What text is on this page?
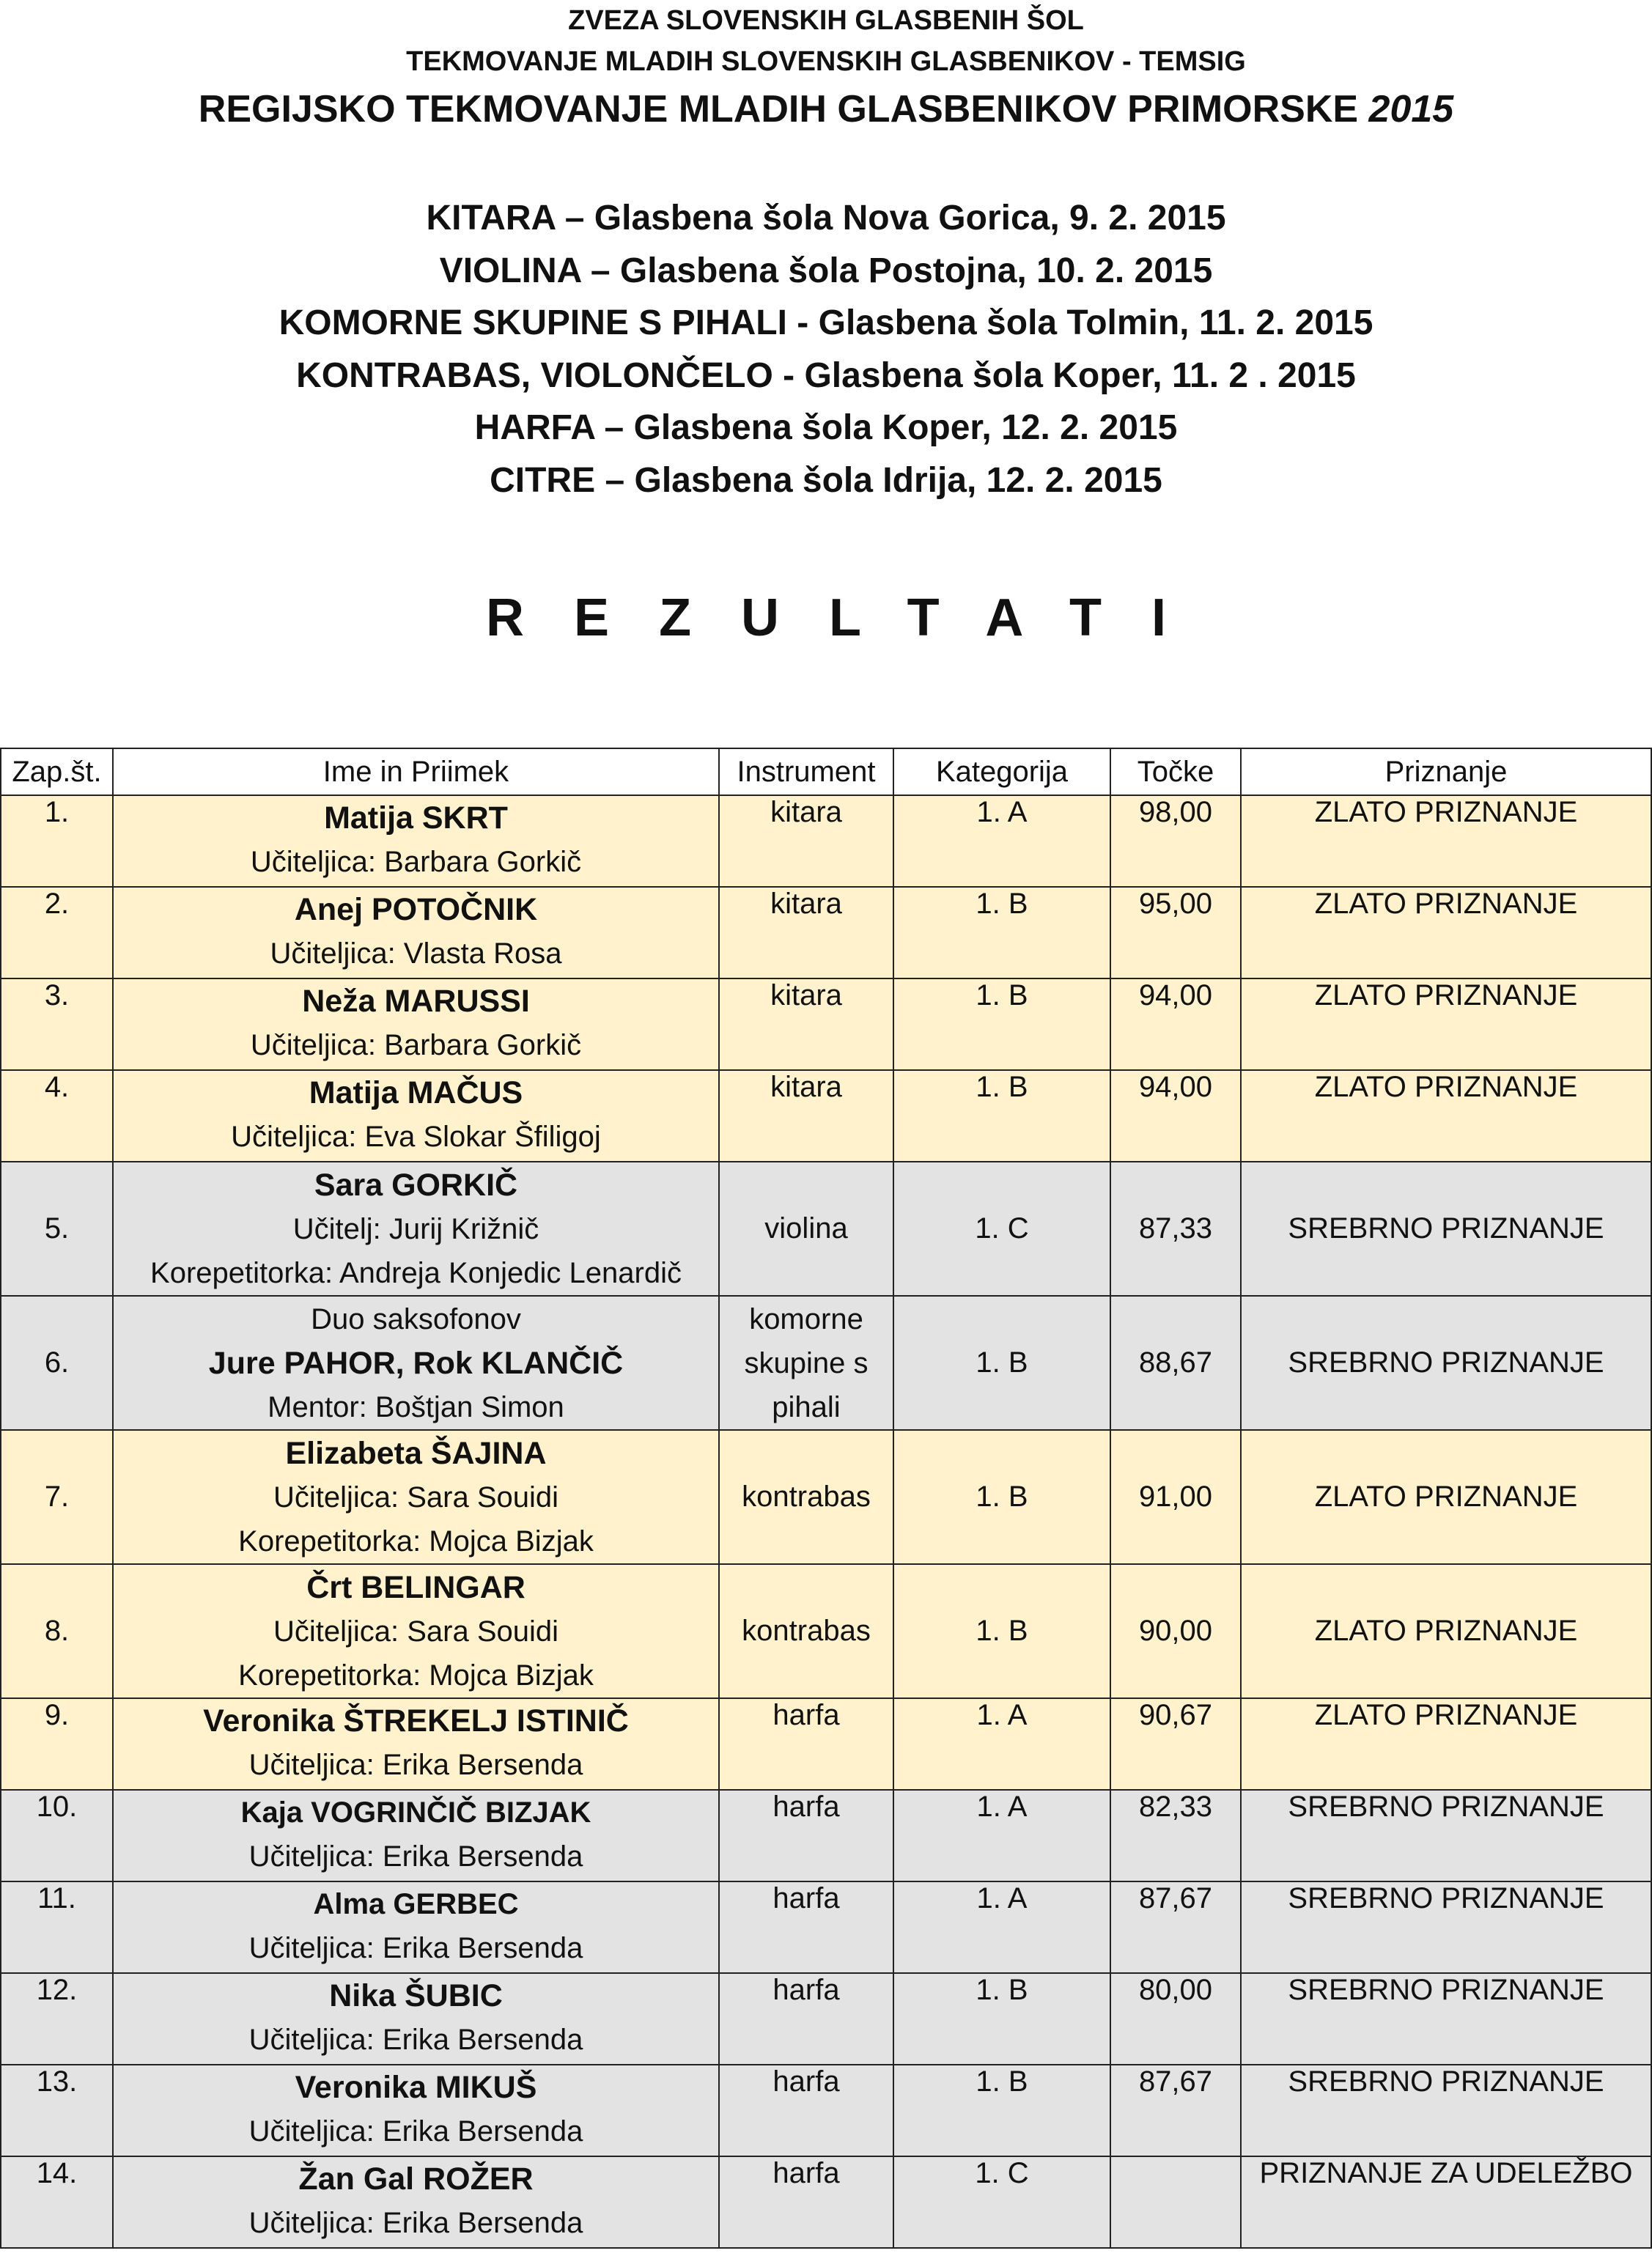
ZVEZA SLOVENSKIH GLASBENIH ŠOL
TEKMOVANJE MLADIH SLOVENSKIH GLASBENIKOV - TEMSIG
REGIJSKO TEKMOVANJE MLADIH GLASBENIKOV PRIMORSKE 2015
KITARA – Glasbena šola Nova Gorica, 9. 2. 2015
VIOLINA – Glasbena šola Postojna, 10. 2. 2015
KOMORNE SKUPINE S PIHALI - Glasbena šola Tolmin, 11. 2. 2015
KONTRABAS, VIOLONČELO - Glasbena šola Koper, 11. 2 . 2015
HARFA – Glasbena šola Koper, 12. 2. 2015
CITRE – Glasbena šola Idrija, 12. 2. 2015
REZULTATI
Zap.št.	Ime in Priimek	Instrument	Kategorija	Točke	Priznanje
1.	Matija SKRT
Učiteljica: Barbara Gorkič	kitara	1. A	98,00	ZLATO PRIZNANJE
2.	Anej POTOČNIK
Učiteljica: Vlasta Rosa	kitara	1. B	95,00	ZLATO PRIZNANJE
3.	Neža MARUSSI
Učiteljica: Barbara Gorkič	kitara	1. B	94,00	ZLATO PRIZNANJE
4.	Matija MAČUS
Učiteljica: Eva Slokar Šfiligoj	kitara	1. B	94,00	ZLATO PRIZNANJE
5.	Sara GORKIČ
Učitelj: Jurij Križnič
Korepetitorka: Andreja Konjedic Lenardič	violina	1. C	87,33	SREBRNO PRIZNANJE
6.	Duo saksofonov
Jure PAHOR, Rok KLANČIČ
Mentor: Boštjan Simon	komorne
skupine s
pihali	1. B	88,67	SREBRNO PRIZNANJE
7.	Elizabeta ŠAJINA
Učiteljica: Sara Souidi
Korepetitorka: Mojca Bizjak	kontrabas	1. B	91,00	ZLATO PRIZNANJE
8.	Črt BELINGAR
Učiteljica: Sara Souidi
Korepetitorka: Mojca Bizjak	kontrabas	1. B	90,00	ZLATO PRIZNANJE
9.	Veronika ŠTREKELJ ISTINIČ
Učiteljica: Erika Bersenda	harfa	1. A	90,67	ZLATO PRIZNANJE
10.	Kaja VOGRINČIČ BIZJAK
Učiteljica: Erika Bersenda	harfa	1. A	82,33	SREBRNO PRIZNANJE
11.	Alma GERBEC
Učiteljica: Erika Bersenda	harfa	1. A	87,67	SREBRNO PRIZNANJE
12.	Nika ŠUBIC
Učiteljica: Erika Bersenda	harfa	1. B	80,00	SREBRNO PRIZNANJE
13.	Veronika MIKUŠ
Učiteljica: Erika Bersenda	harfa	1. B	87,67	SREBRNO PRIZNANJE
14.	Žan Gal ROŽER
Učiteljica: Erika Bersenda	harfa	1. C		PRIZNANJE ZA UDELEŽBO
